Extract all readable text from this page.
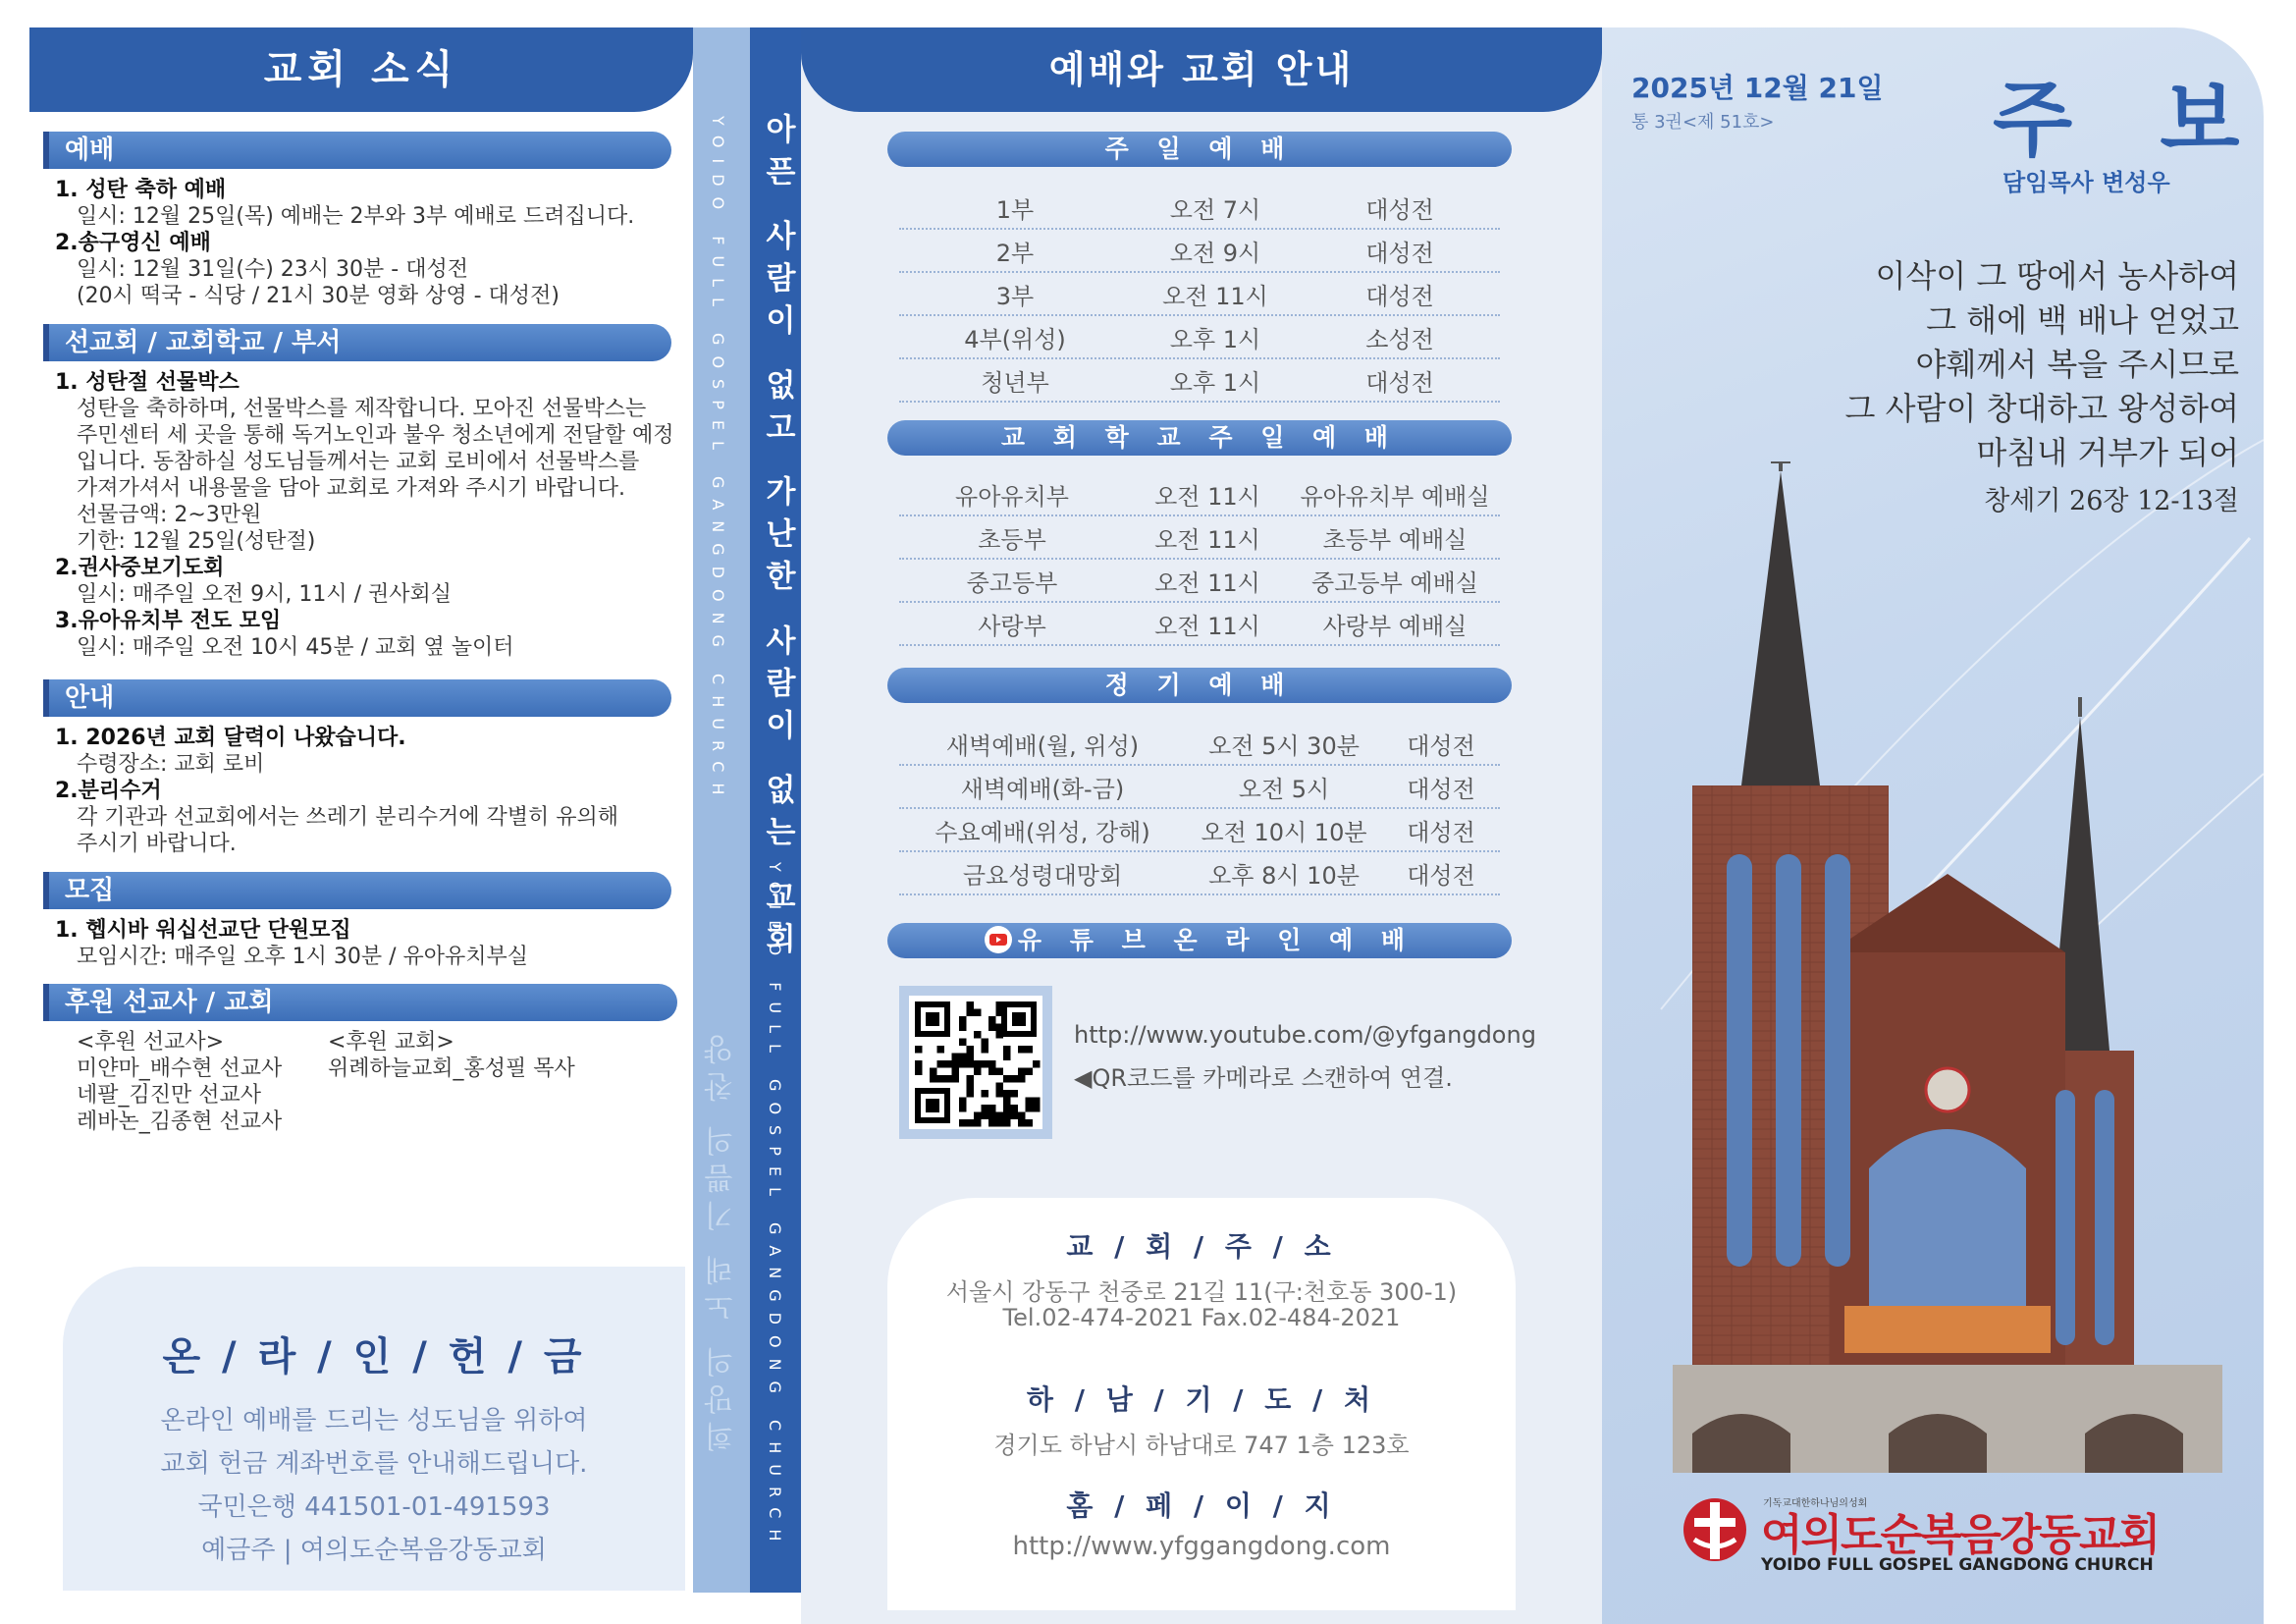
교회 소식
예배
1. 성탄 축하 예배
일시: 12월 25일(목) 예배는 2부와 3부 예배로 드려집니다.
2.송구영신 예배
일시: 12월 31일(수) 23시 30분 - 대성전
(20시 떡국 - 식당 / 21시 30분 영화 상영 - 대성전)
선교회 / 교회학교 / 부서
1. 성탄절 선물박스
성탄을 축하하며, 선물박스를 제작합니다. 모아진 선물박스는
주민센터 세 곳을 통해 독거노인과 불우 청소년에게 전달할 예정
입니다. 동참하실 성도님들께서는 교회 로비에서 선물박스를
가져가셔서 내용물을 담아 교회로 가져와 주시기 바랍니다.
선물금액: 2~3만원
기한: 12월 25일(성탄절)
2.권사중보기도회
일시: 매주일 오전 9시, 11시 / 권사회실
3.유아유치부 전도 모임
일시: 매주일 오전 10시 45분 / 교회 옆 놀이터
안내
1. 2026년 교회 달력이 나왔습니다.
수령장소: 교회 로비
2.분리수거
각 기관과 선교회에서는 쓰레기 분리수거에 각별히 유의해
주시기 바랍니다.
모집
1. 헵시바 워십선교단 단원모집
모임시간: 매주일 오후 1시 30분 / 유아유치부실
후원 선교사 / 교회
<후원 선교사>
미얀마_배수현 선교사
네팔_김진만 선교사
레바논_김종현 선교사
<후원 교회>
위례하늘교회_홍성필 목사
온 / 라 / 인 / 헌 / 금
온라인 예배를 드리는 성도님을 위하여
교회 헌금 계좌번호를 안내해드립니다.
국민은행 441501-01-491593
예금주 | 여의도순복음강동교회
YOIDO FULL GOSPEL GANGDONG CHURCH
희망의 노래 기쁨의 찬양
아픈 사람이 없고 가난한 사람이 없는 교회
YOIDO FULL GOSPEL GANGDONG CHURCH
예배와 교회 안내
주 일 예 배
1부	오전 7시	대성전
2부	오전 9시	대성전
3부	오전 11시	대성전
4부(위성)	오후 1시	소성전
청년부	오후 1시	대성전
교 회 학 교 주 일 예 배
유아유치부	오전 11시	유아유치부 예배실
초등부	오전 11시	초등부 예배실
중고등부	오전 11시	중고등부 예배실
사랑부	오전 11시	사랑부 예배실
정 기 예 배
새벽예배(월, 위성)	오전 5시 30분	대성전
새벽예배(화-금)	오전 5시	대성전
수요예배(위성, 강해)	오전 10시 10분	대성전
금요성령대망회	오후 8시 10분	대성전
유 튜 브 온 라 인 예 배
http://www.youtube.com/@yfgangdong
◀QR코드를 카메라로 스캔하여 연결.
교 / 회 / 주 / 소
서울시 강동구 천중로 21길 11(구:천호동 300-1)
Tel.02-474-2021 Fax.02-484-2021
하 / 남 / 기 / 도 / 처
경기도 하남시 하남대로 747 1층 123호
홈 / 페 / 이 / 지
http://www.yfggangdong.com
2025년 12월 21일
통 3권<제 51호>	주 보
담임목사 변성우
이삭이 그 땅에서 농사하여
그 해에 백 배나 얻었고
야훼께서 복을 주시므로
그 사람이 창대하고 왕성하여
마침내 거부가 되어
창세기 26장 12-13절
기독교대한하나님의성회
여의도순복음강동교회
YOIDO FULL GOSPEL GANGDONG CHURCH
